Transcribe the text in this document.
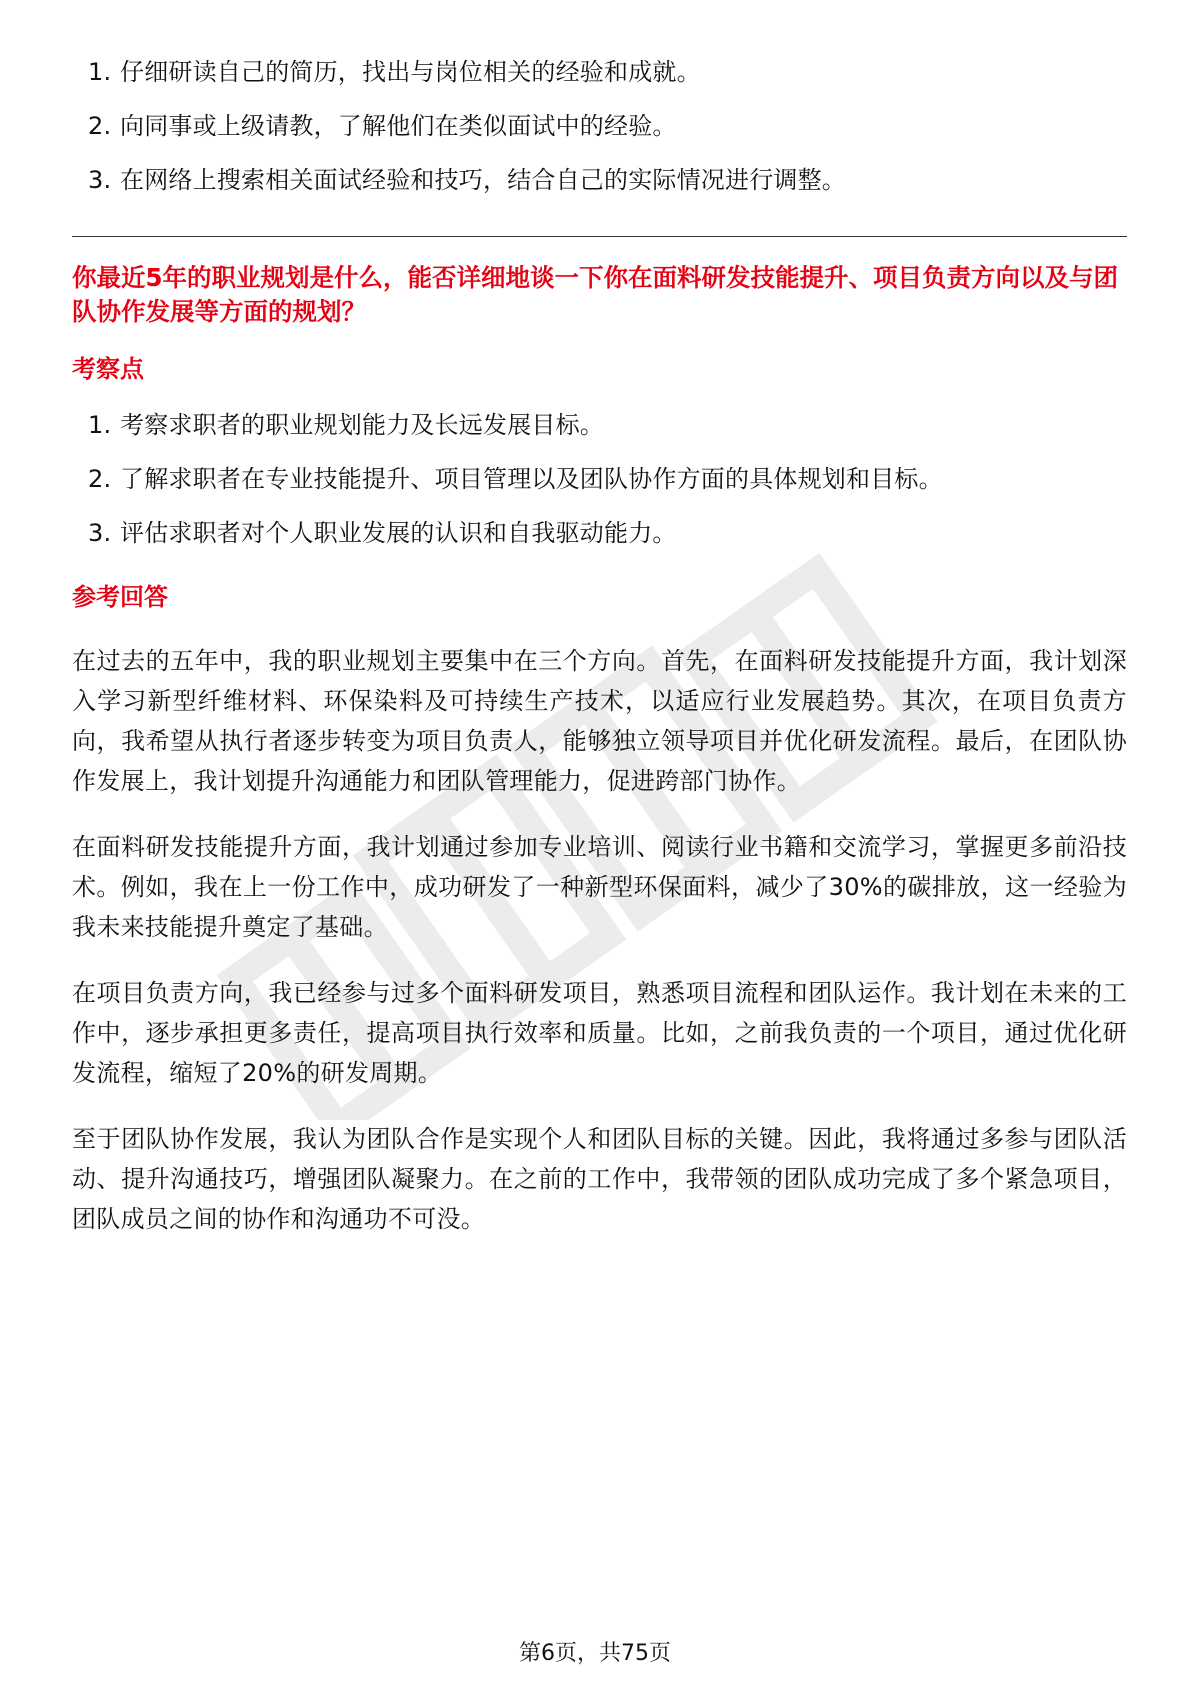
1. 仔细研读自己的简历，找出与岗位相关的经验和成就。
2. 向同事或上级请教，了解他们在类似面试中的经验。
3. 在网络上搜索相关面试经验和技巧，结合自己的实际情况进行调整。
你最近5年的职业规划是什么，能否详细地谈一下你在面料研发技能提升、项目负责方向以及与团队协作发展等方面的规划？
考察点
1. 考察求职者的职业规划能力及长远发展目标。
2. 了解求职者在专业技能提升、项目管理以及团队协作方面的具体规划和目标。
3. 评估求职者对个人职业发展的认识和自我驱动能力。
参考回答

在过去的五年中，我的职业规划主要集中在三个方向。首先，在面料研发技能提升方面，我计划深入学习新型纤维材料、环保染料及可持续生产技术，以适应行业发展趋势。其次，在项目负责方向，我希望从执行者逐步转变为项目负责人，能够独立领导项目并优化研发流程。最后，在团队协作发展上，我计划提升沟通能力和团队管理能力，促进跨部门协作。

在面料研发技能提升方面，我计划通过参加专业培训、阅读行业书籍和交流学习，掌握更多前沿技术。例如，我在上一份工作中，成功研发了一种新型环保面料，减少了30%的碳排放，这一经验为我未来技能提升奠定了基础。

在项目负责方向，我已经参与过多个面料研发项目，熟悉项目流程和团队运作。我计划在未来的工作中，逐步承担更多责任，提高项目执行效率和质量。比如，之前我负责的一个项目，通过优化研发流程，缩短了20%的研发周期。

至于团队协作发展，我认为团队合作是实现个人和团队目标的关键。因此，我将通过多参与团队活动、提升沟通技巧，增强团队凝聚力。在之前的工作中，我带领的团队成功完成了多个紧急项目，团队成员之间的协作和沟通功不可没。

第6页，共75页
